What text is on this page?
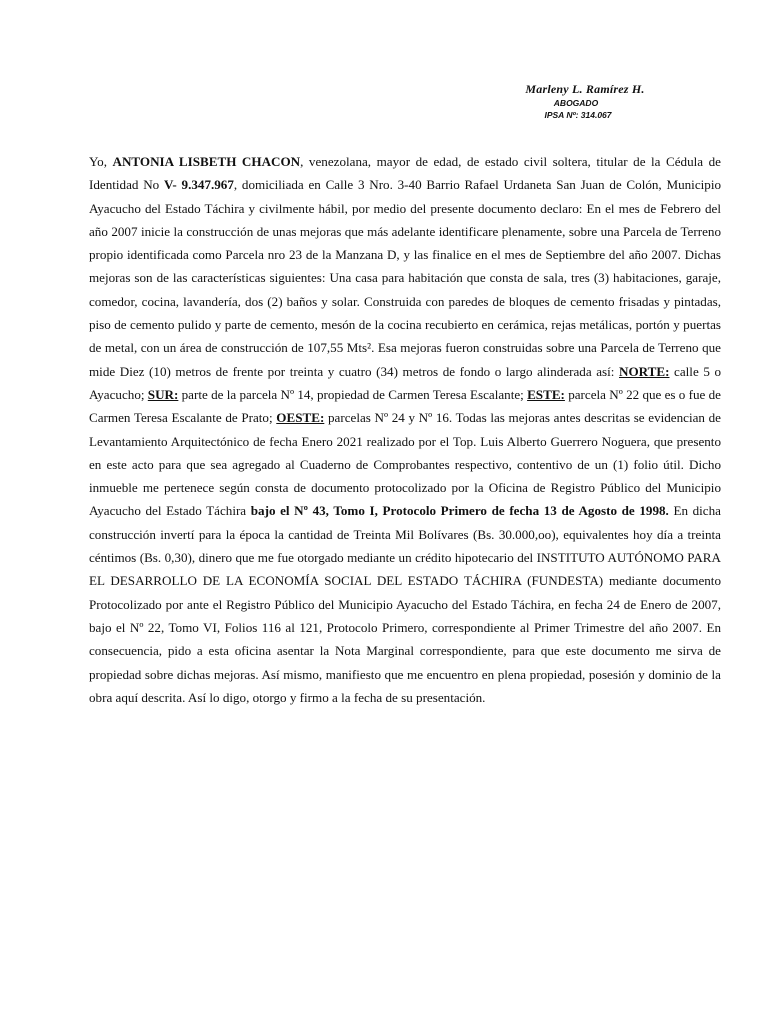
Marleny L. Ramírez H.
ABOGADO
IPSA Nº: 314.067

Yo, ANTONIA LISBETH CHACON, venezolana, mayor de edad, de estado civil soltera, titular de la Cédula de Identidad No V- 9.347.967, domiciliada en Calle 3 Nro. 3-40 Barrio Rafael Urdaneta San Juan de Colón, Municipio Ayacucho del Estado Táchira y civilmente hábil, por medio del presente documento declaro: En el mes de Febrero del año 2007 inicie la construcción de unas mejoras que más adelante identificare plenamente, sobre una Parcela de Terreno propio identificada como Parcela nro 23 de la Manzana D, y las finalice en el mes de Septiembre del año 2007. Dichas mejoras son de las características siguientes: Una casa para habitación que consta de sala, tres (3) habitaciones, garaje, comedor, cocina, lavandería, dos (2) baños y solar. Construida con paredes de bloques de cemento frisadas y pintadas, piso de cemento pulido y parte de cemento, mesón de la cocina recubierto en cerámica, rejas metálicas, portón y puertas de metal, con un área de construcción de 107,55 Mts². Esa mejoras fueron construidas sobre una Parcela de Terreno que mide Diez (10) metros de frente por treinta y cuatro (34) metros de fondo o largo alinderada así: NORTE: calle 5 o Ayacucho; SUR: parte de la parcela Nº 14, propiedad de Carmen Teresa Escalante; ESTE: parcela Nº 22 que es o fue de Carmen Teresa Escalante de Prato; OESTE: parcelas Nº 24 y Nº 16. Todas las mejoras antes descritas se evidencian de Levantamiento Arquitectónico de fecha Enero 2021 realizado por el Top. Luis Alberto Guerrero Noguera, que presento en este acto para que sea agregado al Cuaderno de Comprobantes respectivo, contentivo de un (1) folio útil. Dicho inmueble me pertenece según consta de documento protocolizado por la Oficina de Registro Público del Municipio Ayacucho del Estado Táchira bajo el Nº 43, Tomo I, Protocolo Primero de fecha 13 de Agosto de 1998. En dicha construcción invertí para la época la cantidad de Treinta Mil Bolívares (Bs. 30.000,oo), equivalentes hoy día a treinta céntimos (Bs. 0,30), dinero que me fue otorgado mediante un crédito hipotecario del INSTITUTO AUTÓNOMO PARA EL DESARROLLO DE LA ECONOMÍA SOCIAL DEL ESTADO TÁCHIRA (FUNDESTA) mediante documento Protocolizado por ante el Registro Público del Municipio Ayacucho del Estado Táchira, en fecha 24 de Enero de 2007, bajo el Nº 22, Tomo VI, Folios 116 al 121, Protocolo Primero, correspondiente al Primer Trimestre del año 2007. En consecuencia, pido a esta oficina asentar la Nota Marginal correspondiente, para que este documento me sirva de propiedad sobre dichas mejoras. Así mismo, manifiesto que me encuentro en plena propiedad, posesión y dominio de la obra aquí descrita. Así lo digo, otorgo y firmo a la fecha de su presentación.
